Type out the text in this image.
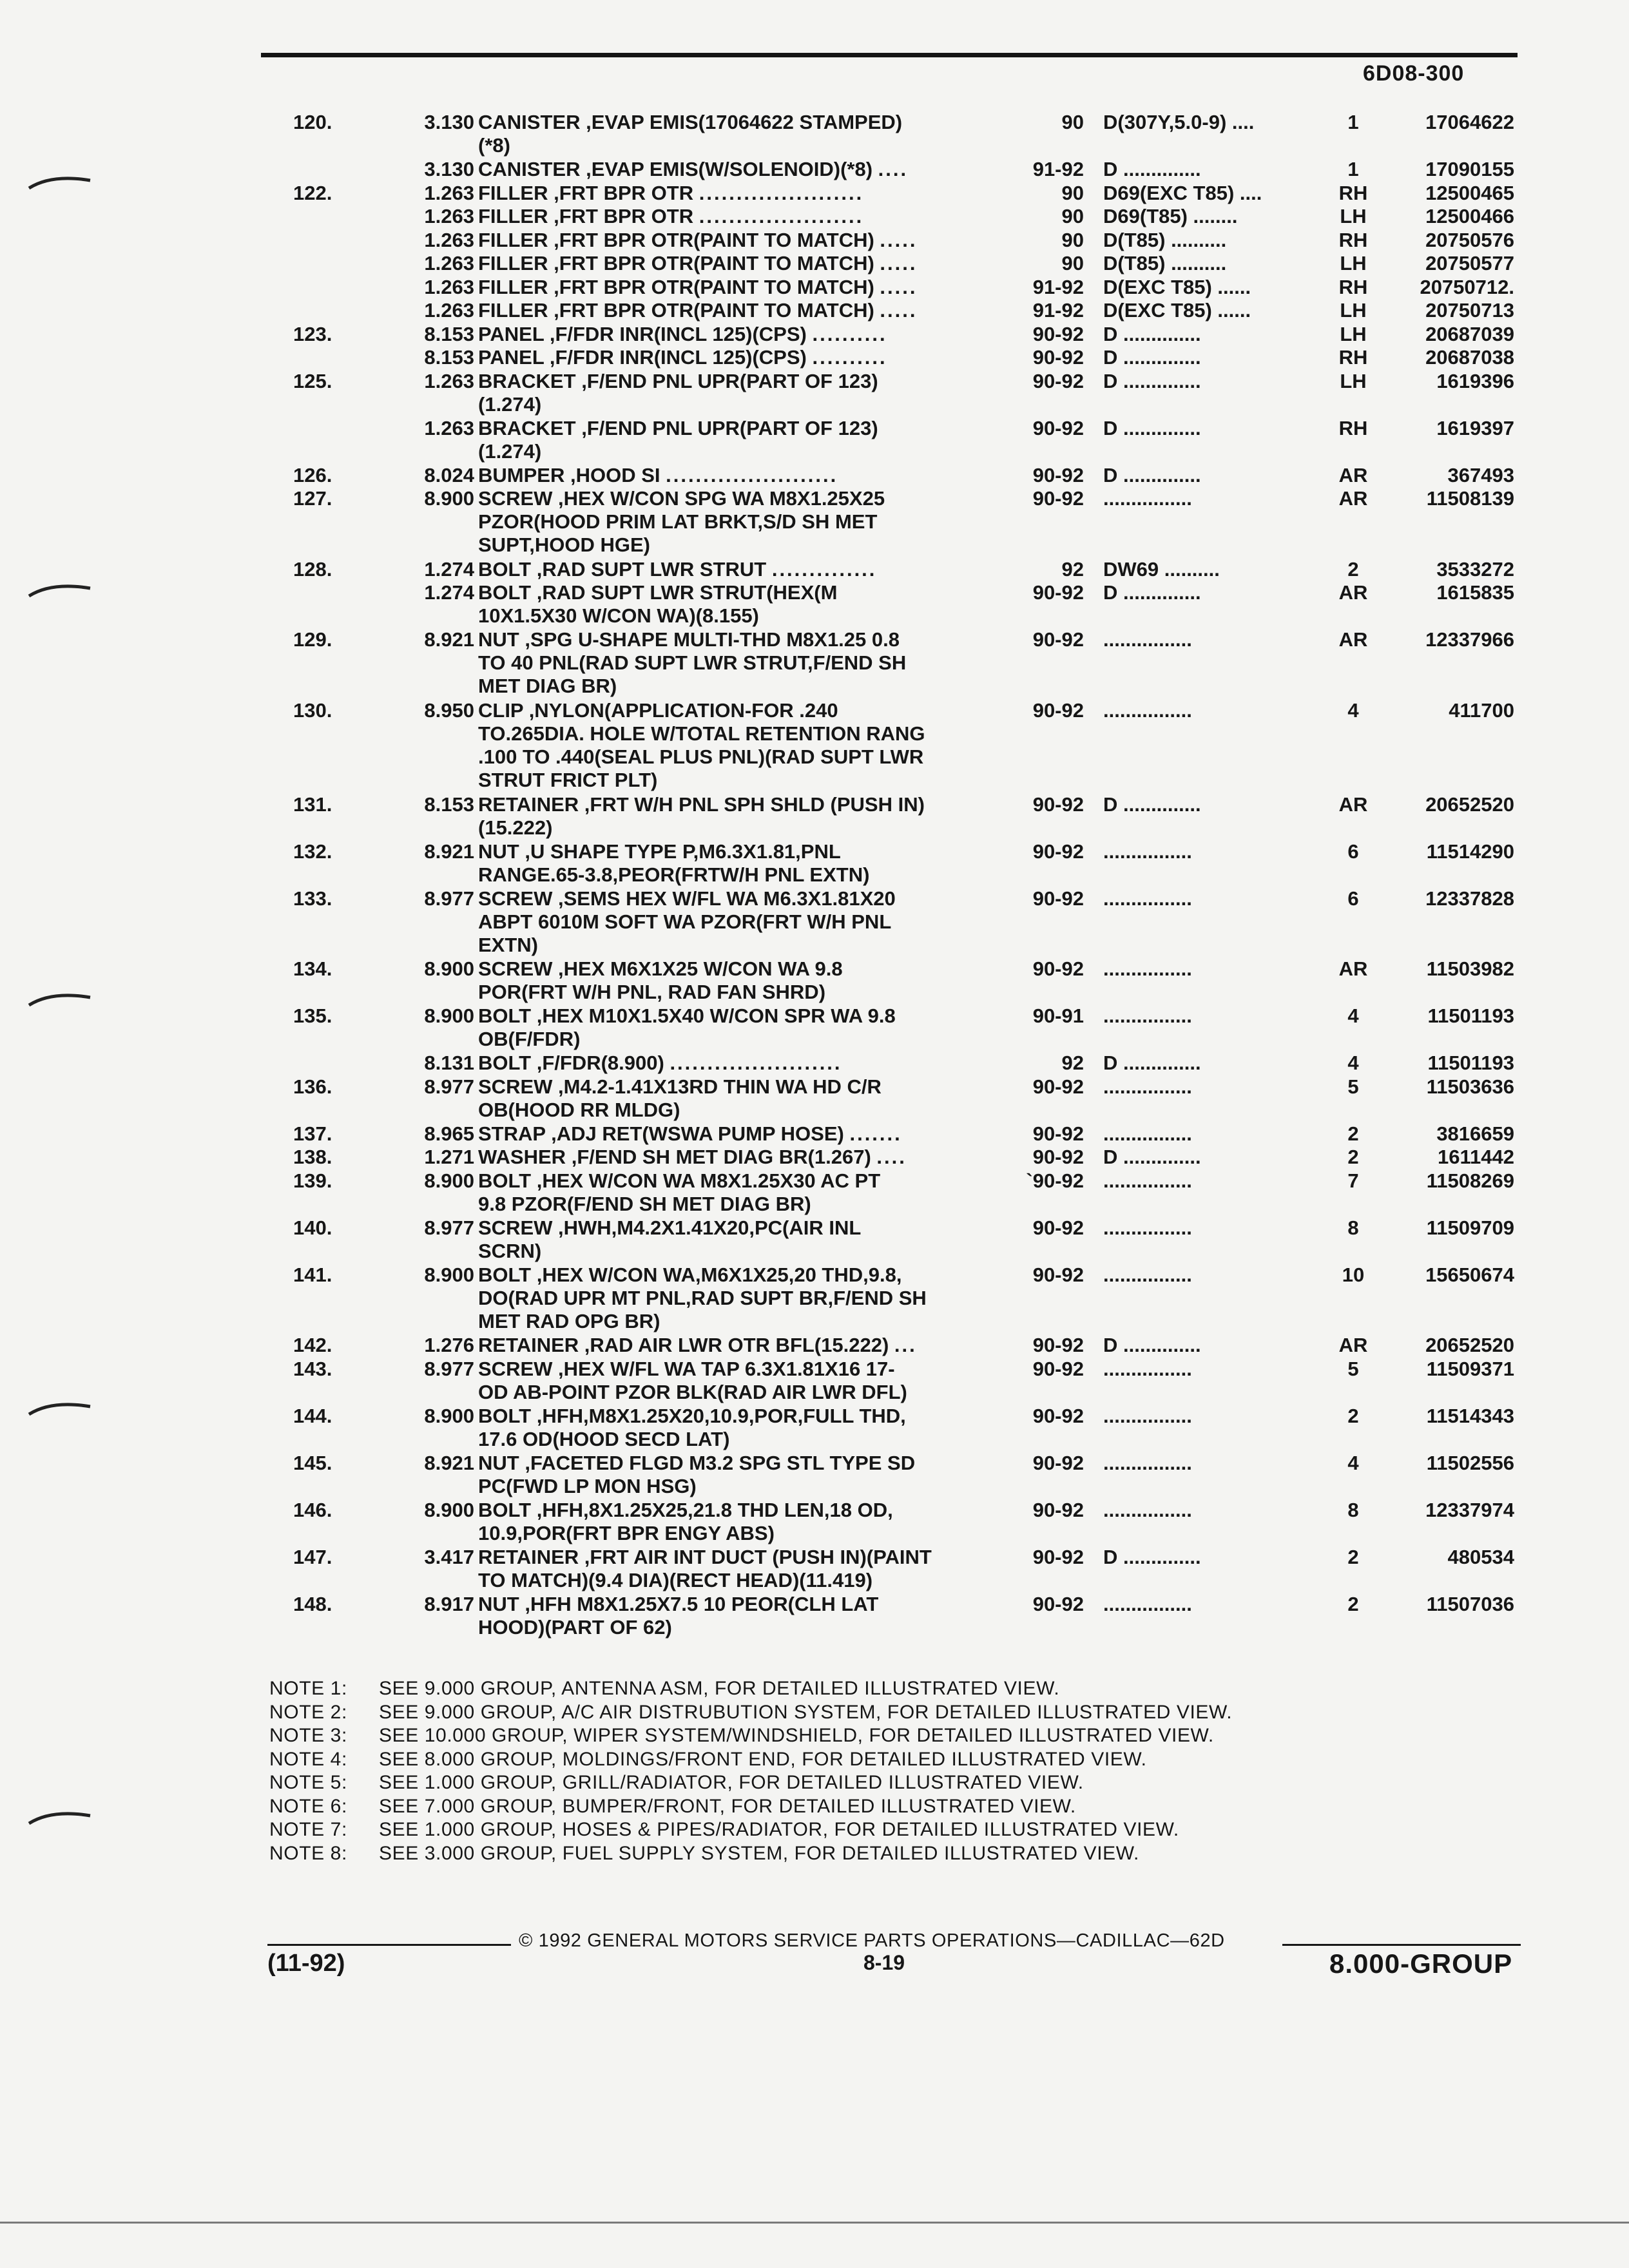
6D08-300
120.	3.130 CANISTER ,EVAP EMIS(17064622 STAMPED)
(*8)
90 D(307Y,5.0-9) ....	1	17064622
3.130 CANISTER ,EVAP EMIS(W/SOLENOID)(*8) ....	91-92 D ..............	1	17090155
122.	1.263 FILLER ,FRT BPR OTR ......................	90 D69(EXC T85) ....	RH	12500465
1.263 FILLER ,FRT BPR OTR ......................	90 D69(T85) ........	LH	12500466
1.263 FILLER ,FRT BPR OTR(PAINT TO MATCH) .....	90 D(T85) ..........	RH	20750576
1.263 FILLER ,FRT BPR OTR(PAINT TO MATCH) .....	90 D(T85) ..........	LH	20750577
1.263 FILLER ,FRT BPR OTR(PAINT TO MATCH) .....	91-92 D(EXC T85) ......	RH	20750712.
1.263 FILLER ,FRT BPR OTR(PAINT TO MATCH) .....	91-92 D(EXC T85) ......	LH	20750713
123.	8.153 PANEL ,F/FDR INR(INCL 125)(CPS) ..........	90-92 D ..............	LH	20687039
8.153 PANEL ,F/FDR INR(INCL 125)(CPS) ..........	90-92 D ..............	RH	20687038
125.	1.263 BRACKET ,F/END PNL UPR(PART OF 123)
(1.274)
90-92 D ..............	LH	1619396
1.263 BRACKET ,F/END PNL UPR(PART OF 123)
(1.274)
90-92 D ..............	RH	1619397
126.	8.024 BUMPER ,HOOD SI .......................	90-92 D ..............	AR	367493
127.	8.900 SCREW ,HEX W/CON SPG WA M8X1.25X25
PZOR(HOOD PRIM LAT BRKT,S/D SH MET
SUPT,HOOD HGE)
90-92 ................	AR	11508139
128.	1.274 BOLT ,RAD SUPT LWR STRUT ..............	92 DW69 ..........	2	3533272
1.274 BOLT ,RAD SUPT LWR STRUT(HEX(M
10X1.5X30 W/CON WA)(8.155)
90-92 D ..............	AR	1615835
129.	8.921 NUT ,SPG U-SHAPE MULTI-THD M8X1.25 0.8
TO 40 PNL(RAD SUPT LWR STRUT,F/END SH
MET DIAG BR)
90-92 ................	AR	12337966
130.	8.950 CLIP ,NYLON(APPLICATION-FOR .240
TO.265DIA. HOLE W/TOTAL RETENTION RANG
.100 TO .440(SEAL PLUS PNL)(RAD SUPT LWR
STRUT FRICT PLT)
90-92 ................	4	411700
131.	8.153 RETAINER ,FRT W/H PNL SPH SHLD (PUSH IN)
(15.222)
90-92 D ..............	AR	20652520
132.	8.921 NUT ,U SHAPE TYPE P,M6.3X1.81,PNL
RANGE.65-3.8,PEOR(FRTW/H PNL EXTN)
90-92 ................	6	11514290
133.	8.977 SCREW ,SEMS HEX W/FL WA M6.3X1.81X20
ABPT 6010M SOFT WA PZOR(FRT W/H PNL
EXTN)
90-92 ................	6	12337828
134.	8.900 SCREW ,HEX M6X1X25 W/CON WA 9.8
POR(FRT W/H PNL, RAD FAN SHRD)
90-92 ................	AR	11503982
135.	8.900 BOLT ,HEX M10X1.5X40 W/CON SPR WA 9.8
OB(F/FDR)
90-91 ................	4	11501193
8.131 BOLT ,F/FDR(8.900) .......................	92 D ..............	4	11501193
136.	8.977 SCREW ,M4.2-1.41X13RD THIN WA HD C/R
OB(HOOD RR MLDG)
90-92 ................	5	11503636
137.	8.965 STRAP ,ADJ RET(WSWA PUMP HOSE) .......	90-92 ................	2	3816659
138.	1.271 WASHER ,F/END SH MET DIAG BR(1.267) ....	90-92 D ..............	2	1611442
139.	8.900 BOLT ,HEX W/CON WA M8X1.25X30 AC PT
9.8 PZOR(F/END SH MET DIAG BR)
`90-92 ................	7	11508269
140.	8.977 SCREW ,HWH,M4.2X1.41X20,PC(AIR INL
SCRN)
90-92 ................	8	11509709
141.	8.900 BOLT ,HEX W/CON WA,M6X1X25,20 THD,9.8,
DO(RAD UPR MT PNL,RAD SUPT BR,F/END SH
MET RAD OPG BR)
90-92 ................	10	15650674
142.	1.276 RETAINER ,RAD AIR LWR OTR BFL(15.222) ...	90-92 D ..............	AR	20652520
143.	8.977 SCREW ,HEX W/FL WA TAP 6.3X1.81X16 17-
OD AB-POINT PZOR BLK(RAD AIR LWR DFL)
90-92 ................	5	11509371
144.	8.900 BOLT ,HFH,M8X1.25X20,10.9,POR,FULL THD,
17.6 OD(HOOD SECD LAT)
90-92 ................	2	11514343
145.	8.921 NUT ,FACETED FLGD M3.2 SPG STL TYPE SD
PC(FWD LP MON HSG)
90-92 ................	4	11502556
146.	8.900 BOLT ,HFH,8X1.25X25,21.8 THD LEN,18 OD,
10.9,POR(FRT BPR ENGY ABS)
90-92 ................	8	12337974
147.	3.417 RETAINER ,FRT AIR INT DUCT (PUSH IN)(PAINT
TO MATCH)(9.4 DIA)(RECT HEAD)(11.419)
90-92 D ..............	2	480534
148.	8.917 NUT ,HFH M8X1.25X7.5 10 PEOR(CLH LAT
HOOD)(PART OF 62)
90-92 ................	2	11507036
NOTE 1: SEE 9.000 GROUP, ANTENNA ASM, FOR DETAILED ILLUSTRATED VIEW.
NOTE 2: SEE 9.000 GROUP, A/C AIR DISTRUBUTION SYSTEM, FOR DETAILED ILLUSTRATED VIEW.
NOTE 3: SEE 10.000 GROUP, WIPER SYSTEM/WINDSHIELD, FOR DETAILED ILLUSTRATED VIEW.
NOTE 4: SEE 8.000 GROUP, MOLDINGS/FRONT END, FOR DETAILED ILLUSTRATED VIEW.
NOTE 5: SEE 1.000 GROUP, GRILL/RADIATOR, FOR DETAILED ILLUSTRATED VIEW.
NOTE 6: SEE 7.000 GROUP, BUMPER/FRONT, FOR DETAILED ILLUSTRATED VIEW.
NOTE 7: SEE 1.000 GROUP, HOSES & PIPES/RADIATOR, FOR DETAILED ILLUSTRATED VIEW.
NOTE 8: SEE 3.000 GROUP, FUEL SUPPLY SYSTEM, FOR DETAILED ILLUSTRATED VIEW.
© 1992 GENERAL MOTORS SERVICE PARTS OPERATIONS—CADILLAC—62D
(11-92)	8-19	8.000-GROUP
